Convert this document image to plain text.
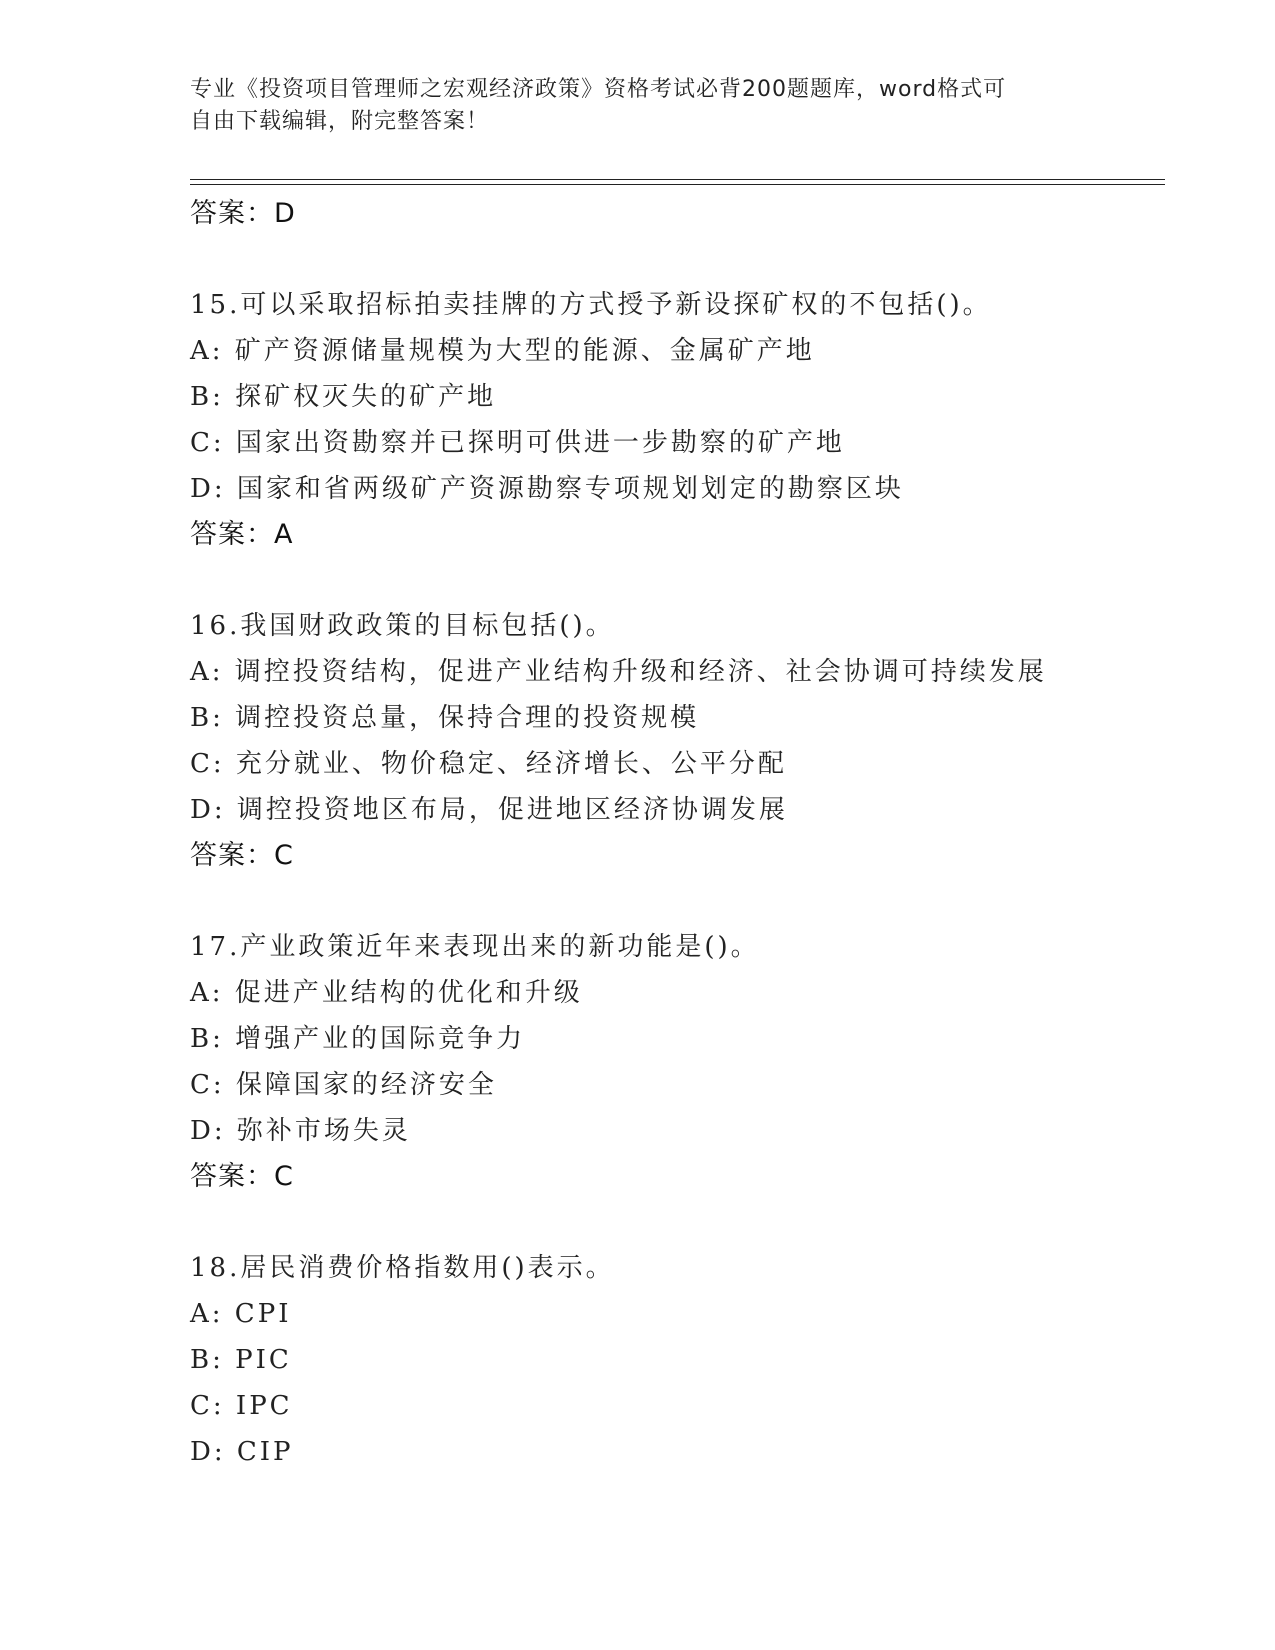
专业《投资项目管理师之宏观经济政策》资格考试必背200题题库，word格式可
自由下载编辑，附完整答案！
答案：D
15.可以采取招标拍卖挂牌的方式授予新设探矿权的不包括()。
A: 矿产资源储量规模为大型的能源、金属矿产地
B: 探矿权灭失的矿产地
C: 国家出资勘察并已探明可供进一步勘察的矿产地
D: 国家和省两级矿产资源勘察专项规划划定的勘察区块
答案：A
16.我国财政政策的目标包括()。
A: 调控投资结构，促进产业结构升级和经济、社会协调可持续发展
B: 调控投资总量，保持合理的投资规模
C: 充分就业、物价稳定、经济增长、公平分配
D: 调控投资地区布局，促进地区经济协调发展
答案：C
17.产业政策近年来表现出来的新功能是()。
A: 促进产业结构的优化和升级
B: 增强产业的国际竞争力
C: 保障国家的经济安全
D: 弥补市场失灵
答案：C
18.居民消费价格指数用()表示。
A: CPI
B: PIC
C: IPC
D: CIP
